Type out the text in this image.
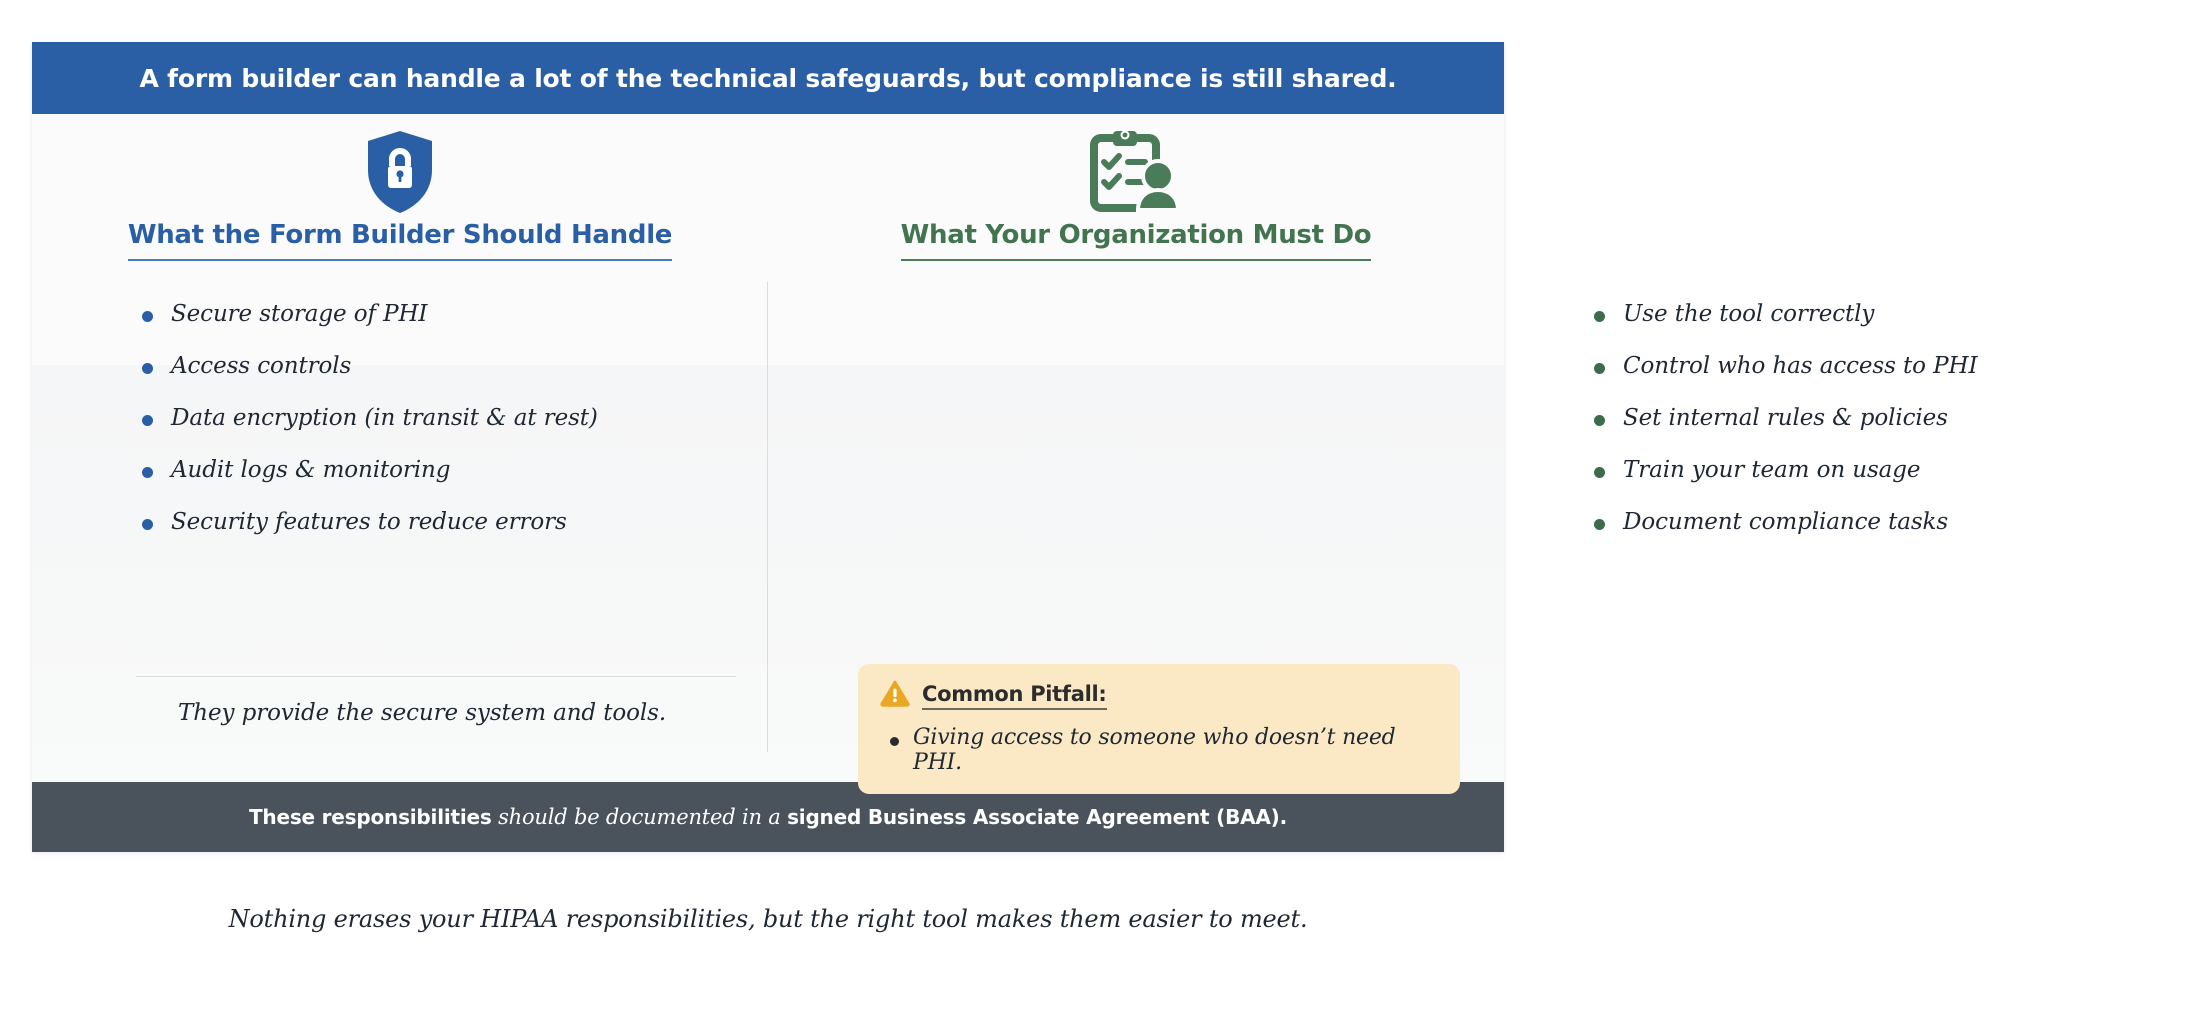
A form builder can handle a lot of the technical safeguards, but compliance is still shared.
What the Form Builder Should Handle
Secure storage of PHI
Access controls
Data encryption (in transit & at rest)
Audit logs & monitoring
Security features to reduce errors
They provide the secure system and tools.
What Your Organization Must Do
Use the tool correctly
Control who has access to PHI
Set internal rules & policies
Train your team on usage
Document compliance tasks
Common Pitfall:
Giving access to someone who doesn’t need PHI.
These responsibilities should be documented in a signed Business Associate Agreement (BAA).
Nothing erases your HIPAA responsibilities, but the right tool makes them easier to meet.
